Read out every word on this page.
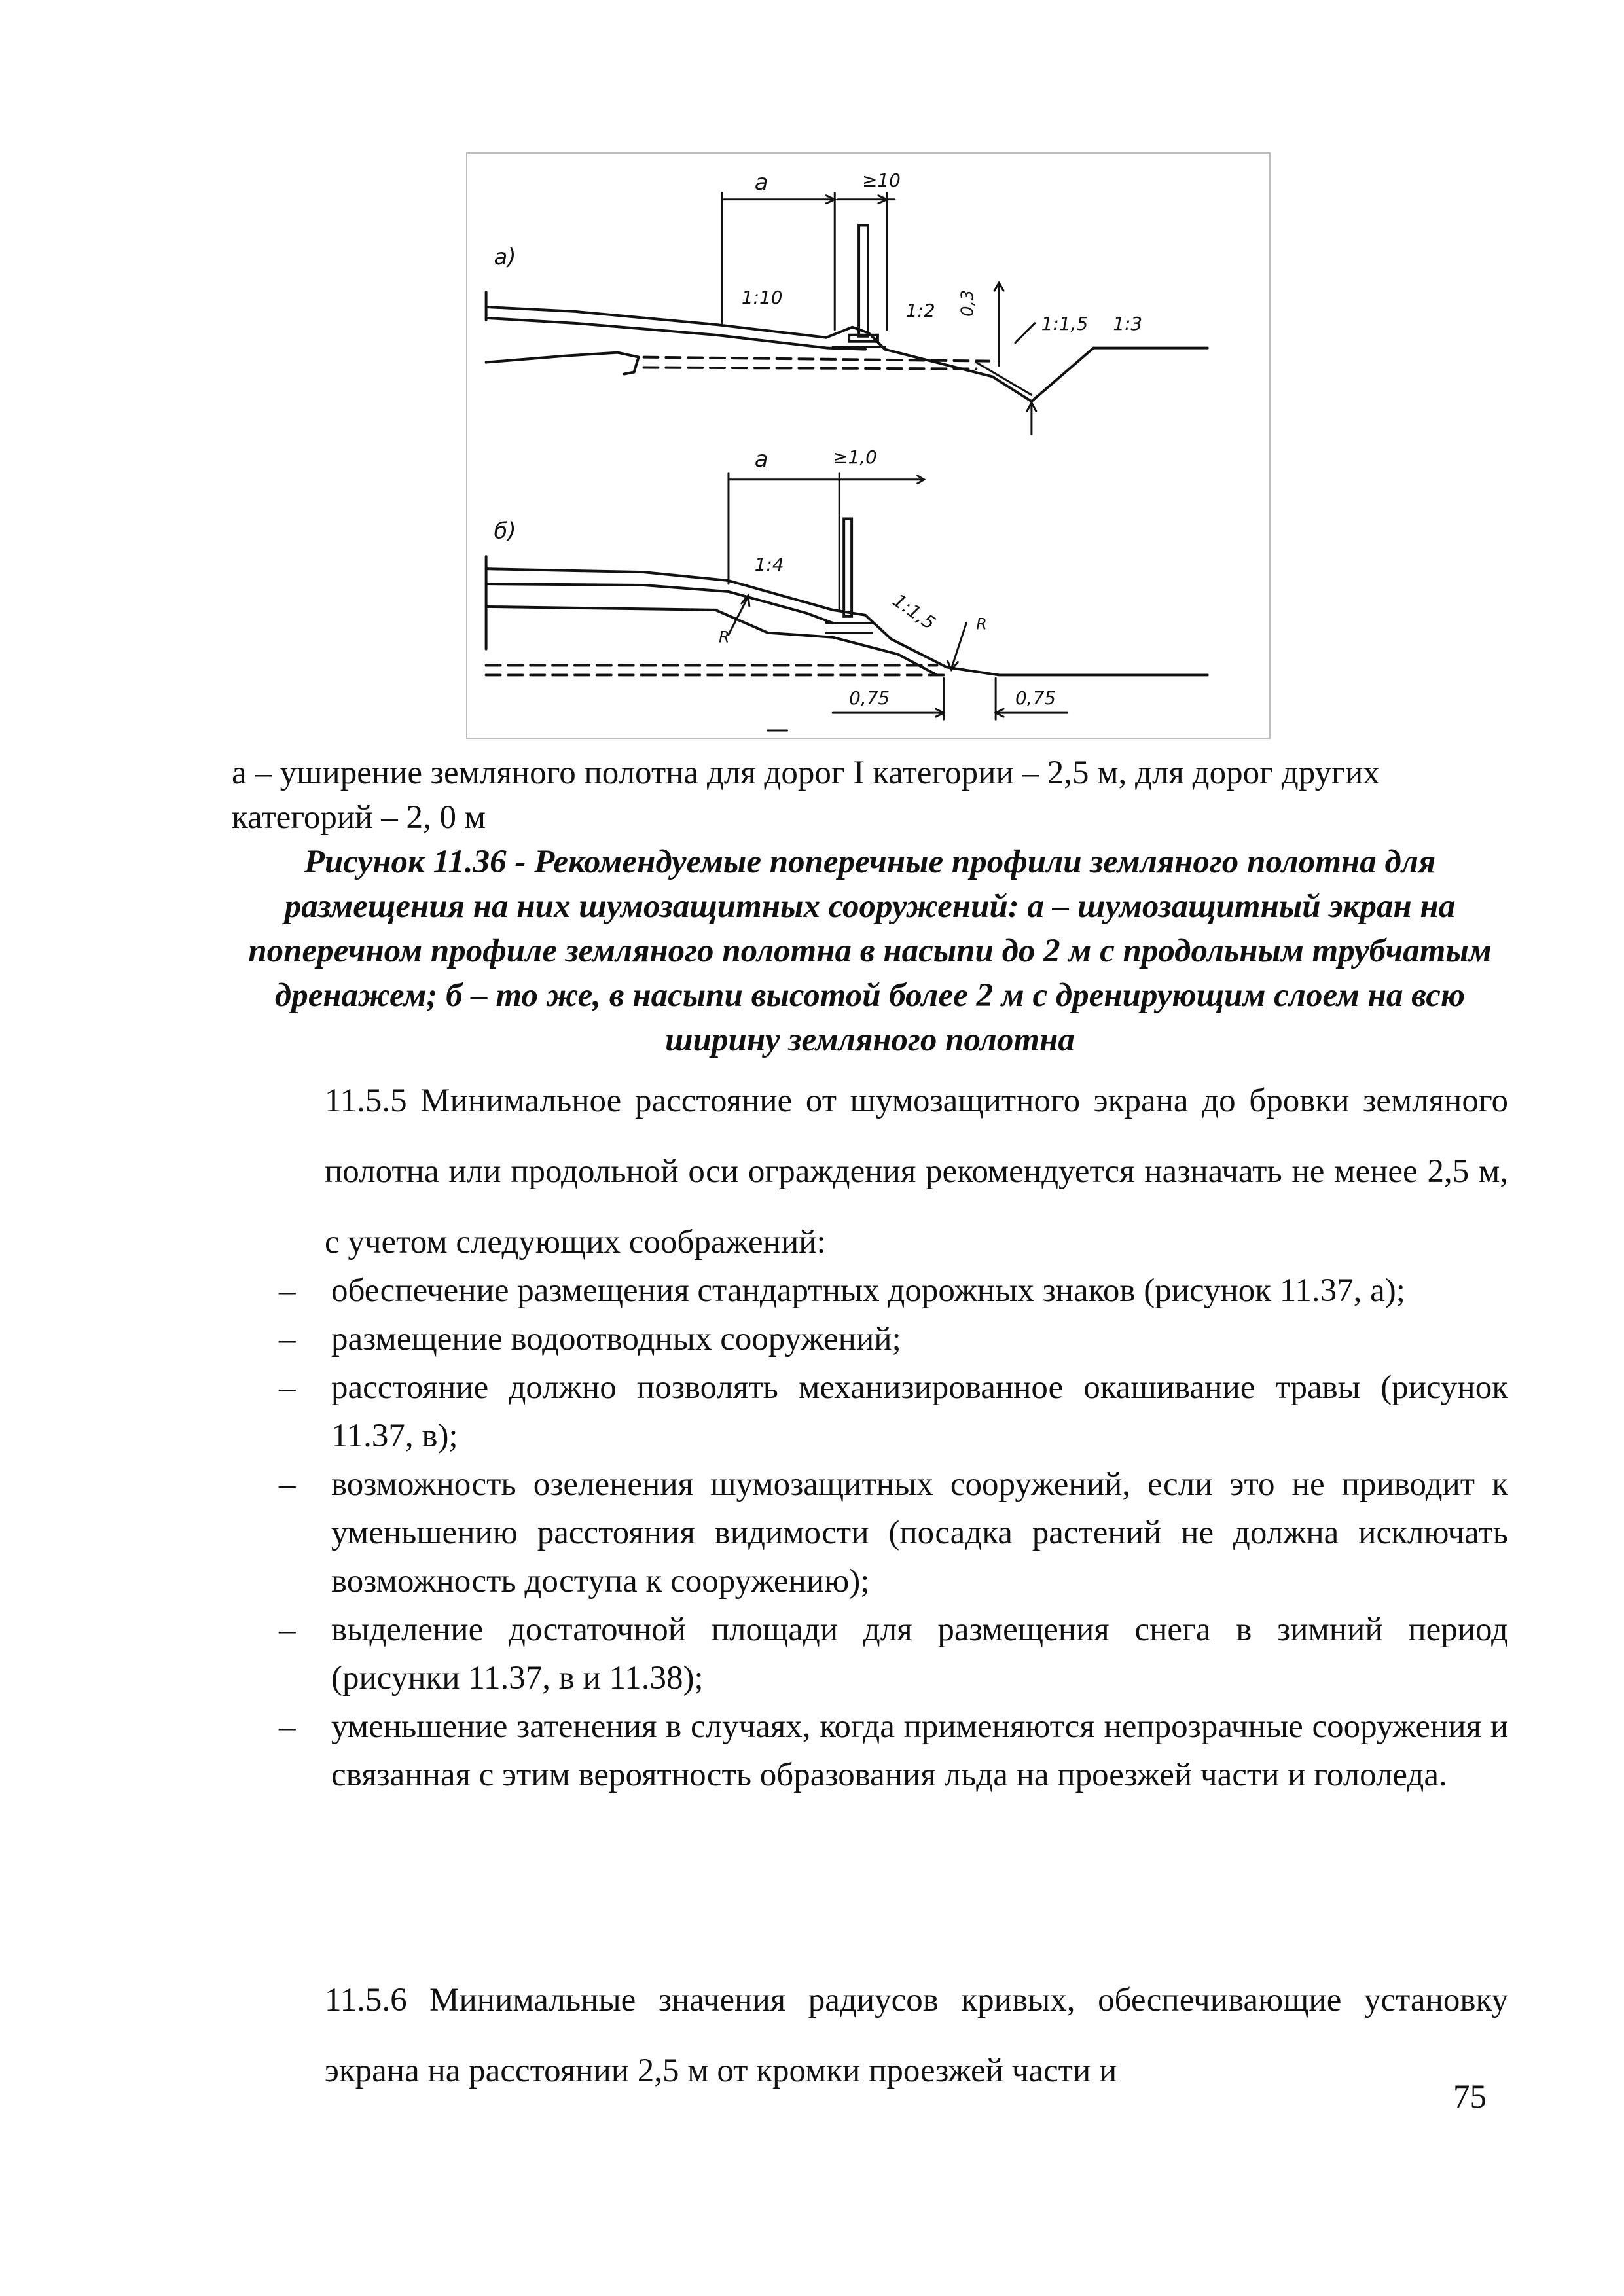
а)
a	≥10
1:10
1:2
1:1,5 1:3
0,3
б)
a	≥1,0
1:4
1:1,5
R
R
0,75	0,75
а – уширение земляного полотна для дорог I категории – 2,5 м, для дорог других категорий – 2, 0 м
Рисунок 11.36 - Рекомендуемые поперечные профили земляного полотна для размещения на них шумозащитных сооружений: а – шумозащитный экран на поперечном профиле земляного полотна в насыпи до 2 м с продольным трубчатым дренажем; б – то же, в насыпи высотой более 2 м с дренирующим слоем на всю ширину земляного полотна
11.5.5 Минимальное расстояние от шумозащитного экрана до бровки земляного полотна или продольной оси ограждения рекомендуется назначать не менее 2,5 м, с учетом следующих соображений:
– обеспечение размещения стандартных дорожных знаков (рисунок 11.37, а);
– размещение водоотводных сооружений;
– расстояние должно позволять механизированное окашивание травы (рисунок 11.37, в);
– возможность озеленения шумозащитных сооружений, если это не приводит к уменьшению расстояния видимости (посадка растений не должна исключать возможность доступа к сооружению);
– выделение достаточной площади для размещения снега в зимний период (рисунки 11.37, в и 11.38);
– уменьшение затенения в случаях, когда применяются непрозрачные сооружения и связанная с этим вероятность образования льда на проезжей части и гололеда.
11.5.6 Минимальные значения радиусов кривых, обеспечивающие установку экрана на расстоянии 2,5 м от кромки проезжей части и
75
